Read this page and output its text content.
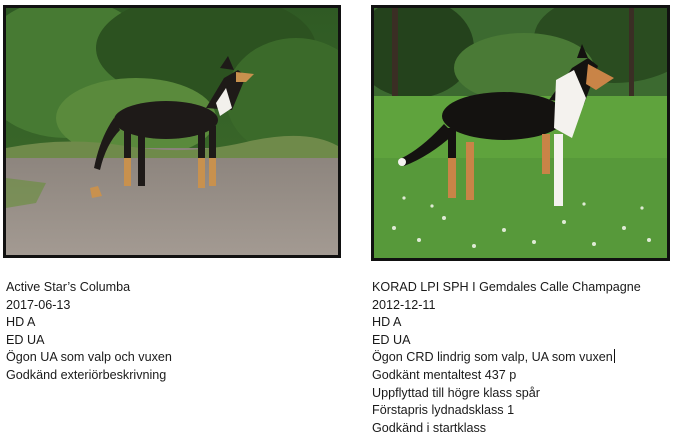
Active Star’s Columba
2017-06-13
HD A
ED UA
Ögon UA som valp och vuxen
Godkänd exteriörbeskrivning
KORAD LPI SPH I Gemdales Calle Champagne
2012-12-11
HD A
ED UA
Ögon CRD lindrig som valp, UA som vuxen
Godkänt mentaltest 437 p
Uppflyttad till högre klass spår
Förstapris lydnadsklass 1
Godkänd i startklass
